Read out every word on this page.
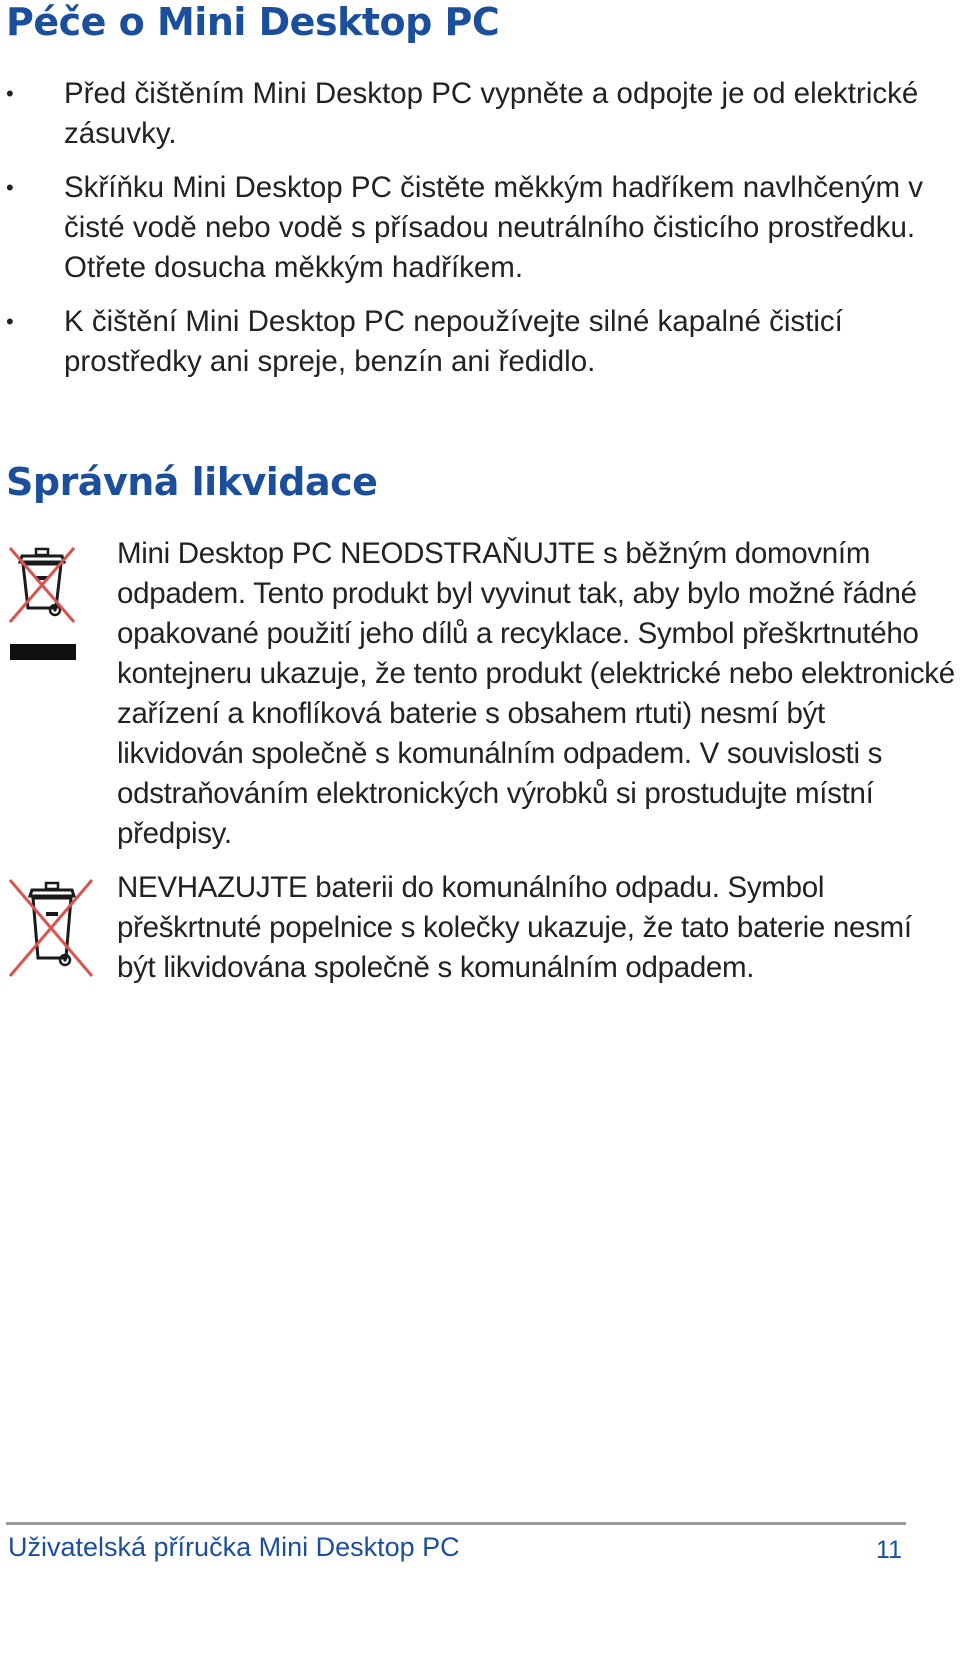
Péče o Mini Desktop PC
• Před čištěním Mini Desktop PC vypněte a odpojte je od elektrické zásuvky.
• Skříňku Mini Desktop PC čistěte měkkým hadříkem navlhčeným v čisté vodě nebo vodě s přísadou neutrálního čisticího prostředku. Otřete dosucha měkkým hadříkem.
• K čištění Mini Desktop PC nepoužívejte silné kapalné čisticí prostředky ani spreje, benzín ani ředidlo.
Správná likvidace

Mini Desktop PC NEODSTRAŇUJTE s běžným domovním odpadem. Tento produkt byl vyvinut tak, aby bylo možné řádné opakované použití jeho dílů a recyklace. Symbol přeškrtnutého kontejneru ukazuje, že tento produkt (elektrické nebo elektronické zařízení a knoflíková baterie s obsahem rtuti) nesmí být likvidován společně s komunálním odpadem. V souvislosti s odstraňováním elektronických výrobků si prostudujte místní předpisy.

NEVHAZUJTE baterii do komunálního odpadu. Symbol přeškrtnuté popelnice s kolečky ukazuje, že tato baterie nesmí být likvidována společně s komunálním odpadem.

Uživatelská příručka Mini Desktop PC	11
